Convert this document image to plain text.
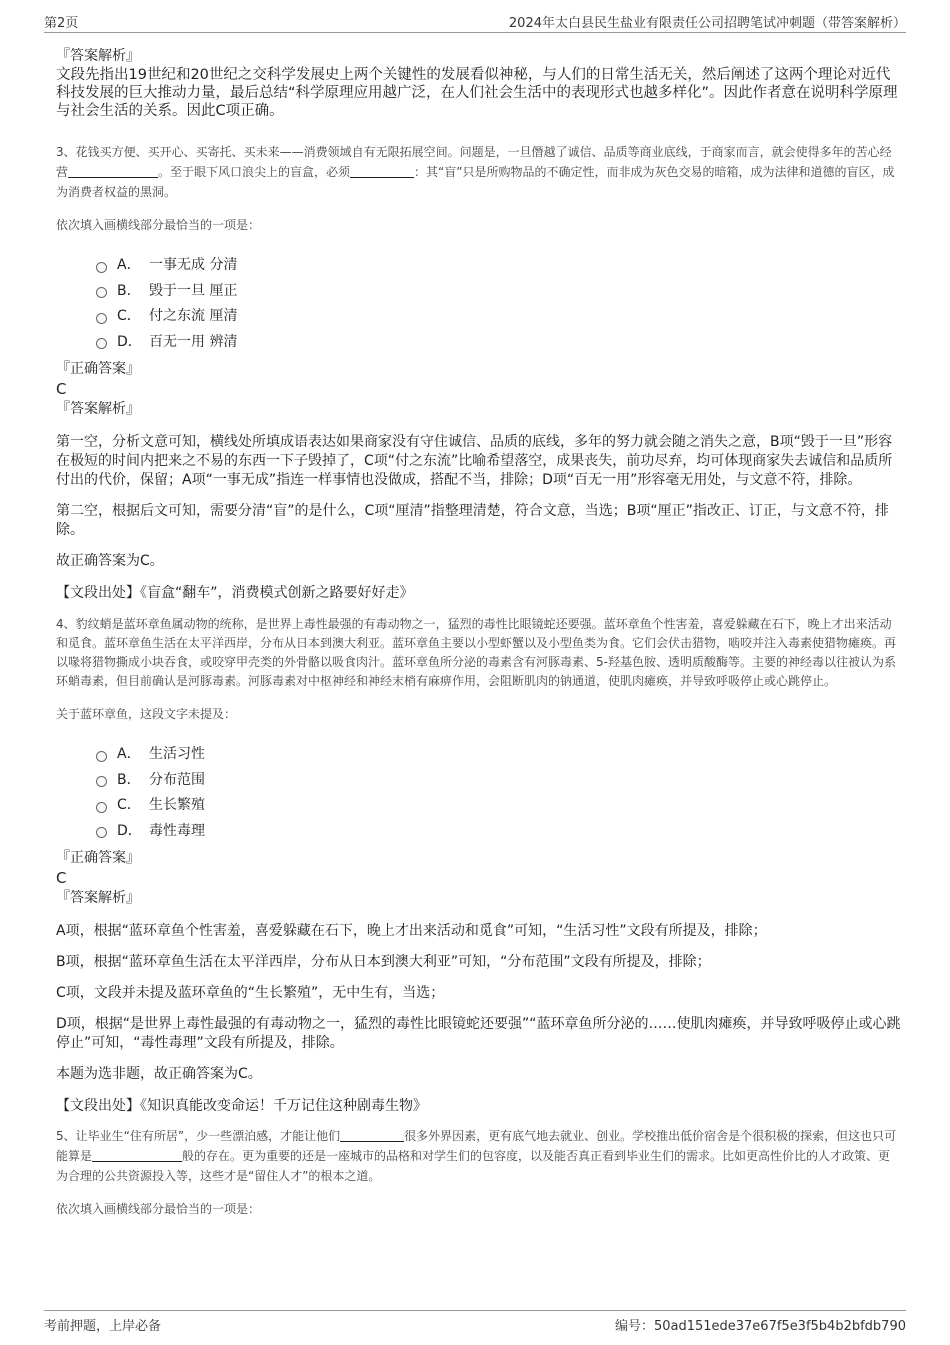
第2页	2024年太白县民生盐业有限责任公司招聘笔试冲刺题（带答案解析）

『答案解析』

文段先指出19世纪和20世纪之交科学发展史上两个关键性的发展看似神秘，与人们的日常生活无关，然后阐述了这两个理论对近代科技发展的巨大推动力量，最后总结“科学原理应用越广泛，在人们社会生活中的表现形式也越多样化”。因此作者意在说明科学原理与社会生活的关系。因此C项正确。

3、花钱买方便、买开心、买寄托、买未来——消费领域自有无限拓展空间。问题是，一旦僭越了诚信、品质等商业底线，于商家而言，就会使得多年的苦心经营	。至于眼下风口浪尖上的盲盒，必须	：其“盲”只是所购物品的不确定性，而非成为灰色交易的暗箱，成为法律和道德的盲区，成为消费者权益的黑洞。

依次填入画横线部分最恰当的一项是：

A． 一事无成 分清
B． 毁于一旦 厘正
C． 付之东流 厘清
D． 百无一用 辨清

『正确答案』

C

『答案解析』

第一空，分析文意可知，横线处所填成语表达如果商家没有守住诚信、品质的底线，多年的努力就会随之消失之意，B项“毁于一旦”形容在极短的时间内把来之不易的东西一下子毁掉了，C项“付之东流”比喻希望落空，成果丧失，前功尽弃，均可体现商家失去诚信和品质所付出的代价，保留；A项“一事无成”指连一样事情也没做成，搭配不当，排除；D项“百无一用”形容毫无用处，与文意不符，排除。

第二空，根据后文可知，需要分清“盲”的是什么，C项“厘清”指整理清楚，符合文意，当选；B项“厘正”指改正、订正，与文意不符，排除。

故正确答案为C。

【文段出处】《盲盒“翻车”，消费模式创新之路要好好走》

4、豹纹蛸是蓝环章鱼属动物的统称，是世界上毒性最强的有毒动物之一，猛烈的毒性比眼镜蛇还要强。蓝环章鱼个性害羞，喜爱躲藏在石下，晚上才出来活动和觅食。蓝环章鱼生活在太平洋西岸，分布从日本到澳大利亚。蓝环章鱼主要以小型虾蟹以及小型鱼类为食。它们会伏击猎物，啮咬并注入毒素使猎物瘫痪。再以喙将猎物撕成小块吞食，或咬穿甲壳类的外骨骼以吸食肉汁。蓝环章鱼所分泌的毒素含有河豚毒素、5-羟基色胺、透明质酸酶等。主要的神经毒以往被认为系环蛸毒素，但目前确认是河豚毒素。河豚毒素对中枢神经和神经末梢有麻痹作用，会阻断肌肉的钠通道，使肌肉瘫痪，并导致呼吸停止或心跳停止。

关于蓝环章鱼，这段文字未提及：

A． 生活习性
B． 分布范围
C． 生长繁殖
D． 毒性毒理

『正确答案』

C

『答案解析』

A项，根据“蓝环章鱼个性害羞，喜爱躲藏在石下，晚上才出来活动和觅食”可知，“生活习性”文段有所提及，排除；

B项，根据“蓝环章鱼生活在太平洋西岸，分布从日本到澳大利亚”可知，“分布范围”文段有所提及，排除；

C项，文段并未提及蓝环章鱼的“生长繁殖”，无中生有，当选；

D项，根据“是世界上毒性最强的有毒动物之一，猛烈的毒性比眼镜蛇还要强”“蓝环章鱼所分泌的……使肌肉瘫痪，并导致呼吸停止或心跳停止”可知，“毒性毒理”文段有所提及，排除。

本题为选非题，故正确答案为C。

【文段出处】《知识真能改变命运！千万记住这种剧毒生物》

5、让毕业生“住有所居”，少一些漂泊感，才能让他们	很多外界因素，更有底气地去就业、创业。学校推出低价宿舍是个很积极的探索，但这也只可能算是	般的存在。更为重要的还是一座城市的品格和对学生们的包容度，以及能否真正看到毕业生们的需求。比如更高性价比的人才政策、更为合理的公共资源投入等，这些才是“留住人才”的根本之道。

依次填入画横线部分最恰当的一项是：

考前押题，上岸必备	编号：50ad151ede37e67f5e3f5b4b2bfdb790
